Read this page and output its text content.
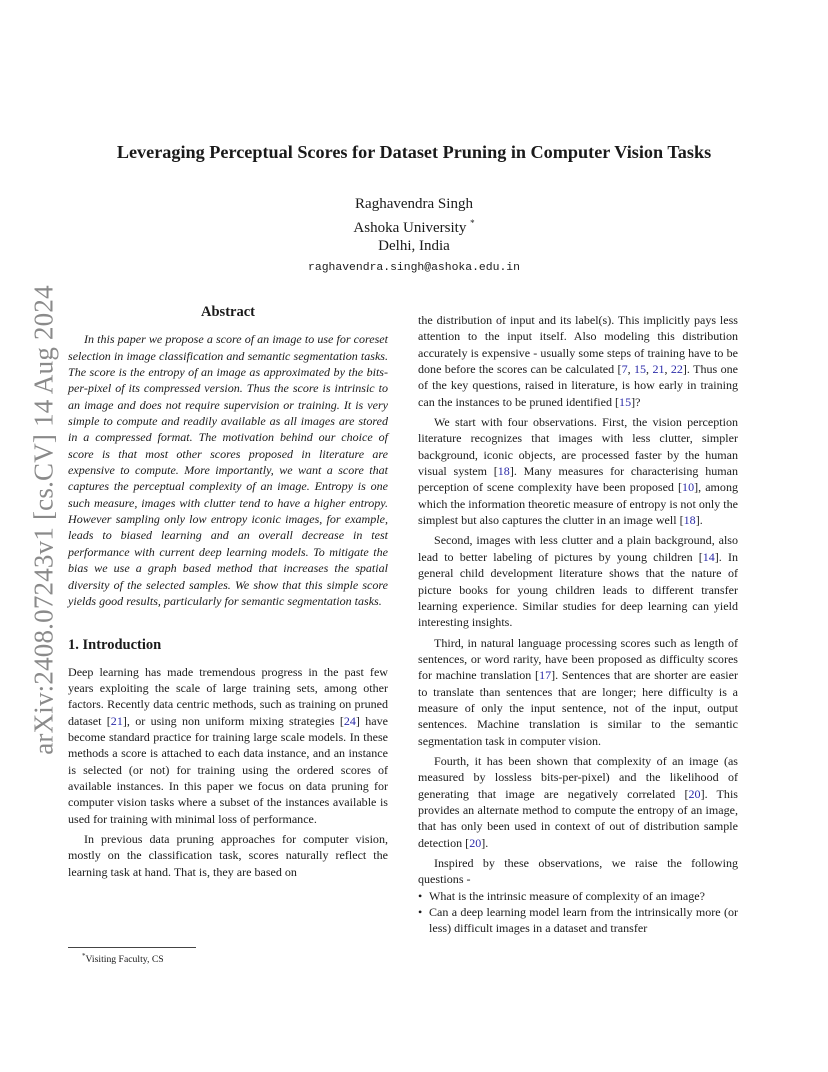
arXiv:2408.07243v1 [cs.CV] 14 Aug 2024
Leveraging Perceptual Scores for Dataset Pruning in Computer Vision Tasks
Raghavendra Singh
Ashoka University *
Delhi, India
raghavendra.singh@ashoka.edu.in
Abstract

In this paper we propose a score of an image to use for coreset selection in image classification and semantic segmentation tasks. The score is the entropy of an image as approximated by the bits-per-pixel of its compressed version. Thus the score is intrinsic to an image and does not require supervision or training. It is very simple to compute and readily available as all images are stored in a compressed format. The motivation behind our choice of score is that most other scores proposed in literature are expensive to compute. More importantly, we want a score that captures the perceptual complexity of an image. Entropy is one such measure, images with clutter tend to have a higher entropy. However sampling only low entropy iconic images, for example, leads to biased learning and an overall decrease in test performance with current deep learning models. To mitigate the bias we use a graph based method that increases the spatial diversity of the selected samples. We show that this simple score yields good results, particularly for semantic segmentation tasks.

1. Introduction

Deep learning has made tremendous progress in the past few years exploiting the scale of large training sets, among other factors. Recently data centric methods, such as training on pruned dataset [21], or using non uniform mixing strategies [24] have become standard practice for training large scale models. In these methods a score is attached to each data instance, and an instance is selected (or not) for training using the ordered scores of available instances. In this paper we focus on data pruning for computer vision tasks where a subset of the instances available is used for training with minimal loss of performance.

In previous data pruning approaches for computer vision, mostly on the classification task, scores naturally reflect the learning task at hand. That is, they are based on

the distribution of input and its label(s). This implicitly pays less attention to the input itself. Also modeling this distribution accurately is expensive - usually some steps of training have to be done before the scores can be calculated [7, 15, 21, 22]. Thus one of the key questions, raised in literature, is how early in training can the instances to be pruned identified [15]?

We start with four observations. First, the vision perception literature recognizes that images with less clutter, simpler background, iconic objects, are processed faster by the human visual system [18]. Many measures for characterising human perception of scene complexity have been proposed [10], among which the information theoretic measure of entropy is not only the simplest but also captures the clutter in an image well [18].

Second, images with less clutter and a plain background, also lead to better labeling of pictures by young children [14]. In general child development literature shows that the nature of picture books for young children leads to different transfer learning experience. Similar studies for deep learning can yield interesting insights.

Third, in natural language processing scores such as length of sentences, or word rarity, have been proposed as difficulty scores for machine translation [17]. Sentences that are shorter are easier to translate than sentences that are longer; here difficulty is a measure of only the input sentence, not of the input, output sentences. Machine translation is similar to the semantic segmentation task in computer vision.

Fourth, it has been shown that complexity of an image (as measured by lossless bits-per-pixel) and the likelihood of generating that image are negatively correlated [20]. This provides an alternate method to compute the entropy of an image, that has only been used in context of out of distribution sample detection [20].

Inspired by these observations, we raise the following questions -

• What is the intrinsic measure of complexity of an image?
• Can a deep learning model learn from the intrinsically more (or less) difficult images in a dataset and transfer
*Visiting Faculty, CS
